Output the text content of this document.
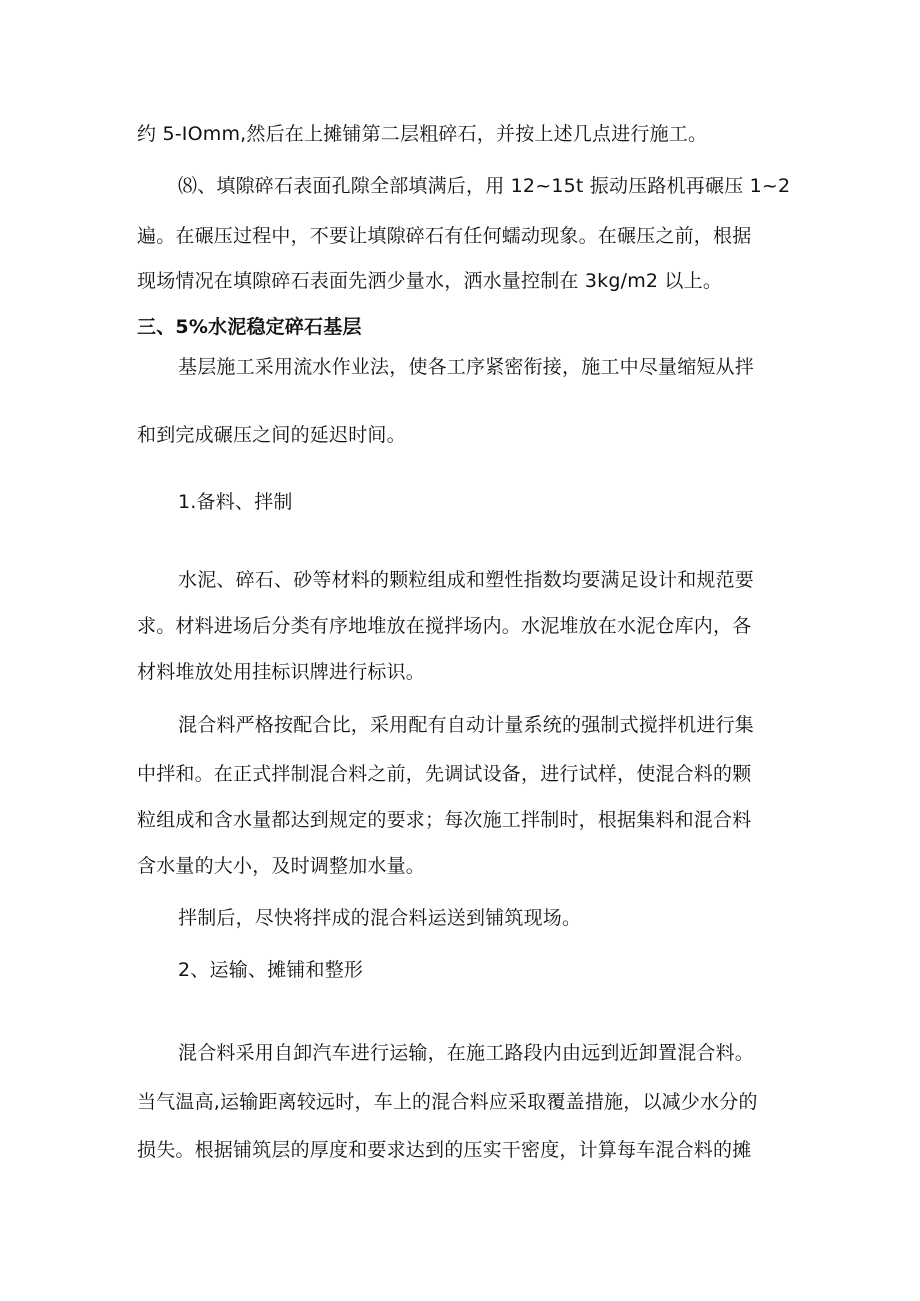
约 5-IOmm,然后在上摊铺第二层粗碎石，并按上述几点进行施工。
⑻、填隙碎石表面孔隙全部填满后，用 12~15t 振动压路机再碾压 1~2
遍。在碾压过程中，不要让填隙碎石有任何蠕动现象。在碾压之前，根据
现场情况在填隙碎石表面先洒少量水，洒水量控制在 3kg∕m2 以上。
三、5%水泥稳定碎石基层
基层施工采用流水作业法，使各工序紧密衔接，施工中尽量缩短从拌
和到完成碾压之间的延迟时间。
1.备料、拌制
水泥、碎石、砂等材料的颗粒组成和塑性指数均要满足设计和规范要
求。材料进场后分类有序地堆放在搅拌场内。水泥堆放在水泥仓库内，各
材料堆放处用挂标识牌进行标识。
混合料严格按配合比，采用配有自动计量系统的强制式搅拌机进行集
中拌和。在正式拌制混合料之前，先调试设备，进行试样，使混合料的颗
粒组成和含水量都达到规定的要求；每次施工拌制时，根据集料和混合料
含水量的大小，及时调整加水量。
拌制后，尽快将拌成的混合料运送到铺筑现场。
2、运输、摊铺和整形
混合料采用自卸汽车进行运输，在施工路段内由远到近卸置混合料。
当气温高,运输距离较远时，车上的混合料应采取覆盖措施，以减少水分的
损失。根据铺筑层的厚度和要求达到的压实干密度，计算每车混合料的摊
